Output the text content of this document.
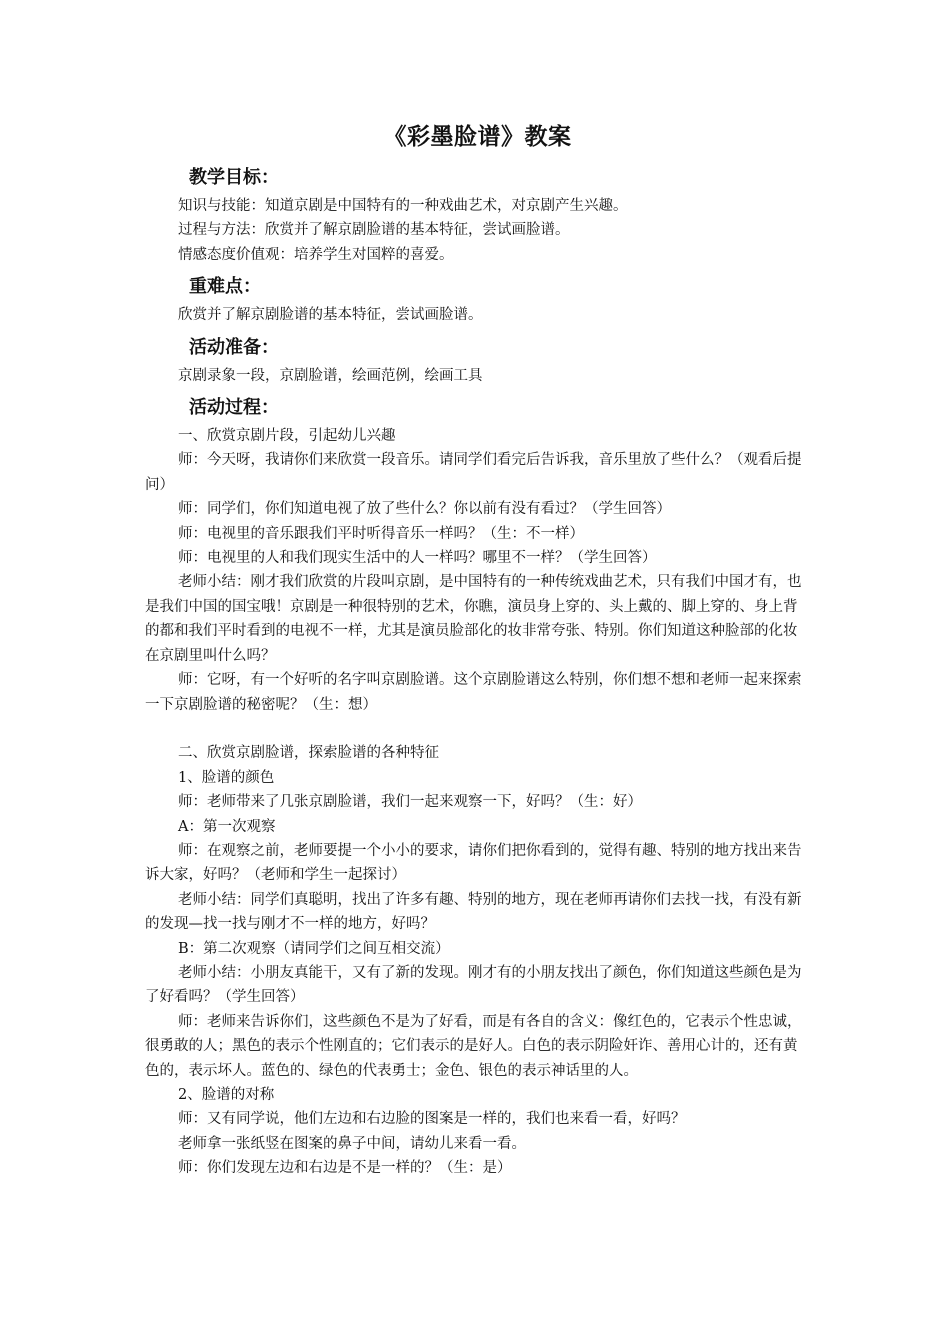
《彩墨脸谱》教案
教学目标：

知识与技能：知道京剧是中国特有的一种戏曲艺术，对京剧产生兴趣。

过程与方法：欣赏并了解京剧脸谱的基本特征，尝试画脸谱。

情感态度价值观：培养学生对国粹的喜爱。

重难点：

欣赏并了解京剧脸谱的基本特征，尝试画脸谱。

活动准备：

京剧录象一段，京剧脸谱，绘画范例，绘画工具

活动过程：

一、欣赏京剧片段，引起幼儿兴趣

师：今天呀，我请你们来欣赏一段音乐。请同学们看完后告诉我，音乐里放了些什么？（观看后提问）

师：同学们，你们知道电视了放了些什么？你以前有没有看过？（学生回答）

师：电视里的音乐跟我们平时听得音乐一样吗？（生：不一样）

师：电视里的人和我们现实生活中的人一样吗？哪里不一样？（学生回答）

老师小结：刚才我们欣赏的片段叫京剧，是中国特有的一种传统戏曲艺术，只有我们中国才有，也是我们中国的国宝哦！京剧是一种很特别的艺术，你瞧，演员身上穿的、头上戴的、脚上穿的、身上背的都和我们平时看到的电视不一样，尤其是演员脸部化的妆非常夸张、特别。你们知道这种脸部的化妆在京剧里叫什么吗？

师：它呀，有一个好听的名字叫京剧脸谱。这个京剧脸谱这么特别，你们想不想和老师一起来探索一下京剧脸谱的秘密呢？（生：想）

二、欣赏京剧脸谱，探索脸谱的各种特征

1、脸谱的颜色

师：老师带来了几张京剧脸谱，我们一起来观察一下，好吗？（生：好）

A：第一次观察

师：在观察之前，老师要提一个小小的要求，请你们把你看到的，觉得有趣、特别的地方找出来告诉大家，好吗？（老师和学生一起探讨）

老师小结：同学们真聪明，找出了许多有趣、特别的地方，现在老师再请你们去找一找，有没有新的发现—找一找与刚才不一样的地方，好吗？

B：第二次观察（请同学们之间互相交流）

老师小结：小朋友真能干，又有了新的发现。刚才有的小朋友找出了颜色，你们知道这些颜色是为了好看吗？（学生回答）

师：老师来告诉你们，这些颜色不是为了好看，而是有各自的含义：像红色的，它表示个性忠诚，很勇敢的人；黑色的表示个性刚直的；它们表示的是好人。白色的表示阴险奸诈、善用心计的，还有黄色的，表示坏人。蓝色的、绿色的代表勇士；金色、银色的表示神话里的人。

2、脸谱的对称

师：又有同学说，他们左边和右边脸的图案是一样的，我们也来看一看，好吗？

老师拿一张纸竖在图案的鼻子中间，请幼儿来看一看。

师：你们发现左边和右边是不是一样的？（生：是）
